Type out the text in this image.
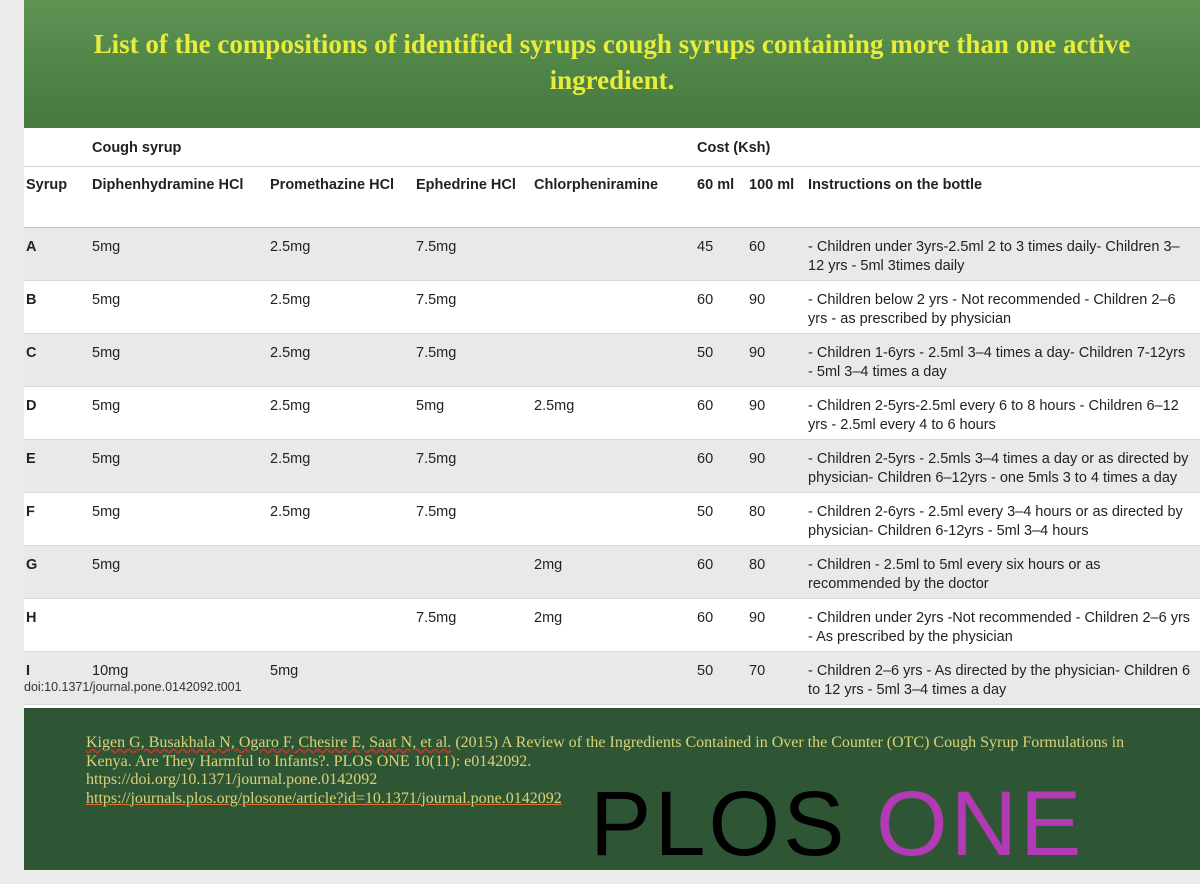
List of the compositions of identified syrups cough syrups containing more than one active ingredient.
	Cough syrup				Cost (Ksh)		
Syrup	Diphenhydramine HCl	Promethazine HCl	Ephedrine HCl	Chlorpheniramine	60 ml	100 ml	Instructions on the bottle
A	5mg	2.5mg	7.5mg		45	60	- Children under 3yrs-2.5ml 2 to 3 times daily- Children 3–12 yrs - 5ml 3times daily
B	5mg	2.5mg	7.5mg		60	90	- Children below 2 yrs - Not recommended - Children 2–6 yrs - as prescribed by physician
C	5mg	2.5mg	7.5mg		50	90	- Children 1-6yrs - 2.5ml 3–4 times a day- Children 7-12yrs - 5ml 3–4 times a day
D	5mg	2.5mg	5mg	2.5mg	60	90	- Children 2-5yrs-2.5ml every 6 to 8 hours - Children 6–12 yrs - 2.5ml every 4 to 6 hours
E	5mg	2.5mg	7.5mg		60	90	- Children 2-5yrs - 2.5mls 3–4 times a day or as directed by physician- Children 6–12yrs - one 5mls 3 to 4 times a day
F	5mg	2.5mg	7.5mg		50	80	- Children 2-6yrs - 2.5ml every 3–4 hours or as directed by physician- Children 6-12yrs - 5ml 3–4 hours
G	5mg			2mg	60	80	- Children - 2.5ml to 5ml every six hours or as recommended by the doctor
H			7.5mg	2mg	60	90	- Children under 2yrs -Not recommended - Children 2–6 yrs - As prescribed by the physician
I	10mg	5mg			50	70	- Children 2–6 yrs - As directed by the physician- Children 6 to 12 yrs - 5ml 3–4 times a day
doi:10.1371/journal.pone.0142092.t001
Kigen G, Busakhala N, Ogaro F, Chesire E, Saat N, et al. (2015) A Review of the Ingredients Contained in Over the Counter (OTC) Cough Syrup Formulations in Kenya. Are They Harmful to Infants?. PLOS ONE 10(11): e0142092.
https://doi.org/10.1371/journal.pone.0142092
https://journals.plos.org/plosone/article?id=10.1371/journal.pone.0142092 PLOS ONE
